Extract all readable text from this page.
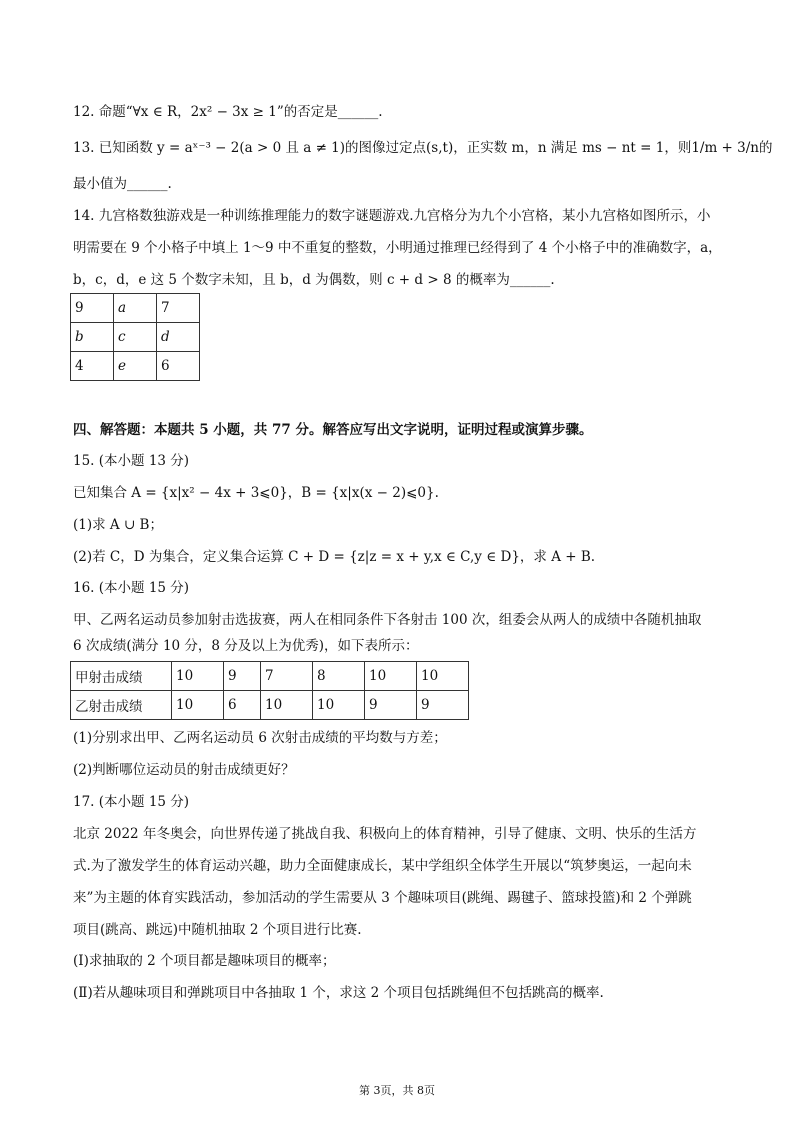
12. 命题“∀x ∈ R，2x² − 3x ≥ 1”的否定是______.
13. 已知函数 y = aˣ⁻³ − 2(a > 0 且 a ≠ 1)的图像过定点(s,t)，正实数 m，n 满足 ms − nt = 1，则1/m + 3/n的
最小值为______.
14. 九宫格数独游戏是一种训练推理能力的数字谜题游戏.九宫格分为九个小宫格，某小九宫格如图所示，小
明需要在 9 个小格子中填上 1～9 中不重复的整数，小明通过推理已经得到了 4 个小格子中的准确数字，a，
b，c，d，e 这 5 个数字未知，且 b，d 为偶数，则 c + d > 8 的概率为______.
9	a	7
b	c	d
4	e	6
四、解答题：本题共 5 小题，共 77 分。解答应写出文字说明，证明过程或演算步骤。
15. (本小题 13 分)
已知集合 A = {x|x² − 4x + 3⩽0}，B = {x|x(x − 2)⩽0}.
(1)求 A ∪ B；
(2)若 C，D 为集合，定义集合运算 C + D = {z|z = x + y,x ∈ C,y ∈ D}，求 A + B.
16. (本小题 15 分)
甲、乙两名运动员参加射击选拔赛，两人在相同条件下各射击 100 次，组委会从两人的成绩中各随机抽取
6 次成绩(满分 10 分，8 分及以上为优秀)，如下表所示：
甲射击成绩	10	9	7	8	10	10
乙射击成绩	10	6	10	10	9	9
(1)分别求出甲、乙两名运动员 6 次射击成绩的平均数与方差；
(2)判断哪位运动员的射击成绩更好？
17. (本小题 15 分)
北京 2022 年冬奥会，向世界传递了挑战自我、积极向上的体育精神，引导了健康、文明、快乐的生活方
式.为了激发学生的体育运动兴趣，助力全面健康成长，某中学组织全体学生开展以“筑梦奥运，一起向未
来”为主题的体育实践活动，参加活动的学生需要从 3 个趣味项目(跳绳、踢毽子、篮球投篮)和 2 个弹跳
项目(跳高、跳远)中随机抽取 2 个项目进行比赛.
(Ⅰ)求抽取的 2 个项目都是趣味项目的概率；
(Ⅱ)若从趣味项目和弹跳项目中各抽取 1 个，求这 2 个项目包括跳绳但不包括跳高的概率.
第 3页，共 8页
